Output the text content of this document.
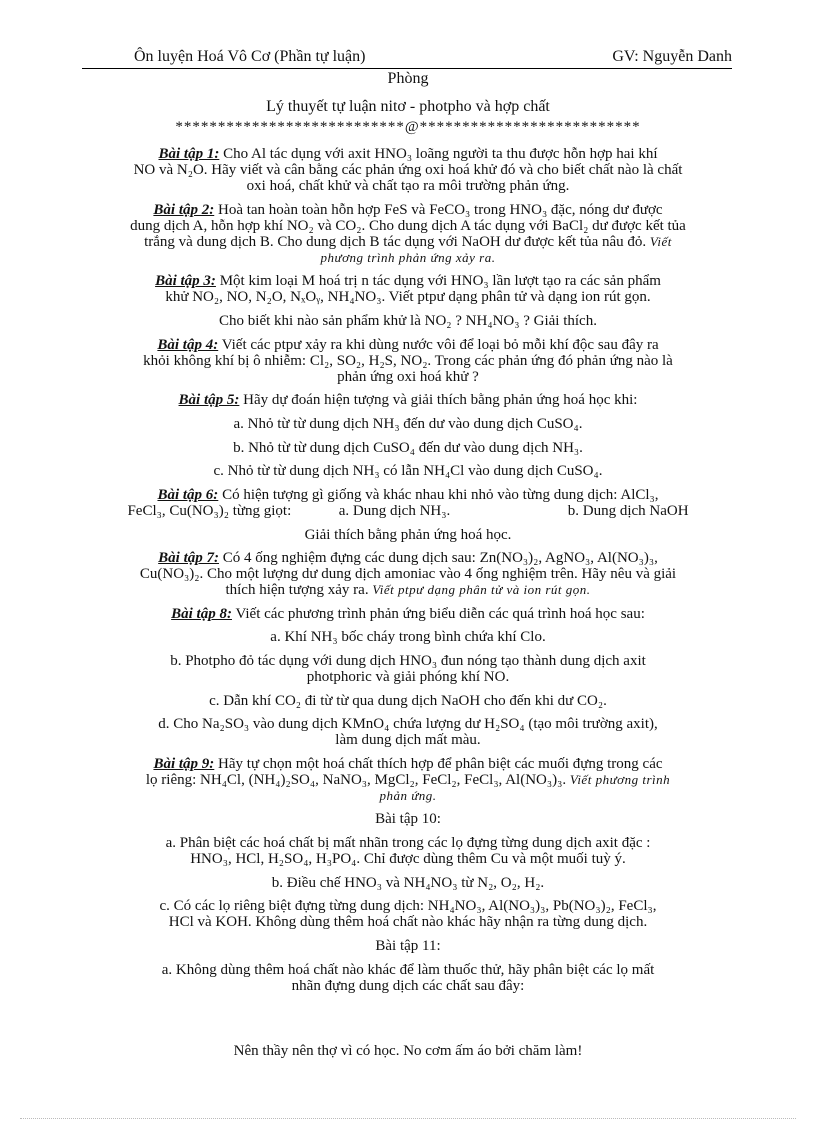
Ôn luyện Hoá Vô Cơ (Phần tự luận)	GV: Nguyễn Danh
Phòng
Lý thuyết tự luận nitơ - photpho và hợp chất
***************************@**************************
Bài tập 1: Cho Al tác dụng với axit HNO₃ loãng người ta thu được hỗn hợp hai khí
NO và N₂O. Hãy viết và cân bằng các phản ứng oxi hoá khử đó và cho biết chất nào là chất
oxi hoá, chất khử và chất tạo ra môi trường phản ứng.
Bài tập 2: Hoà tan hoàn toàn hỗn hợp FeS và FeCO₃ trong HNO₃ đặc, nóng dư được
dung dịch A, hỗn hợp khí NO₂ và CO₂. Cho dung dịch A tác dụng với BaCl₂ dư được kết tủa
trắng và dung dịch B. Cho dung dịch B tác dụng với NaOH dư được kết tủa nâu đỏ. Viết
phương trình phản ứng xảy ra.
Bài tập 3: Một kim loại M hoá trị n tác dụng với HNO₃ lần lượt tạo ra các sản phẩm
khử NO₂, NO, N₂O, NₓOᵧ, NH₄NO₃. Viết ptpư dạng phân tử và dạng ion rút gọn.
Cho biết khi nào sản phẩm khử là NO₂ ? NH₄NO₃ ? Giải thích.
Bài tập 4: Viết các ptpư xảy ra khi dùng nước vôi để loại bỏ mỗi khí độc sau đây ra
khỏi không khí bị ô nhiễm: Cl₂, SO₂, H₂S, NO₂. Trong các phản ứng đó phản ứng nào là
phản ứng oxi hoá khử ?
Bài tập 5: Hãy dự đoán hiện tượng và giải thích bằng phản ứng hoá học khi:
a. Nhỏ từ từ dung dịch NH₃ đến dư vào dung dịch CuSO₄.
b. Nhỏ từ từ dung dịch CuSO₄ đến dư vào dung dịch NH₃.
c. Nhỏ từ từ dung dịch NH₃ có lẫn NH₄Cl vào dung dịch CuSO₄.
Bài tập 6: Có hiện tượng gì giống và khác nhau khi nhỏ vào từng dung dịch: AlCl₃,
FeCl₃, Cu(NO₃)₂ từng giọt:	a. Dung dịch NH₃.	b. Dung dịch NaOH
Giải thích bằng phản ứng hoá học.
Bài tập 7: Có 4 ống nghiệm đựng các dung dịch sau: Zn(NO₃)₂, AgNO₃, Al(NO₃)₃,
Cu(NO₃)₂. Cho một lượng dư dung dịch amoniac vào 4 ống nghiệm trên. Hãy nêu và giải
thích hiện tượng xảy ra. Viết ptpư dạng phân tử và ion rút gọn.
Bài tập 8: Viết các phương trình phản ứng biểu diễn các quá trình hoá học sau:
a. Khí NH₃ bốc cháy trong bình chứa khí Clo.
b. Photpho đỏ tác dụng với dung dịch HNO₃ đun nóng tạo thành dung dịch axit
photphoric và giải phóng khí NO.
c. Dẫn khí CO₂ đi từ từ qua dung dịch NaOH cho đến khi dư CO₂.
d. Cho Na₂SO₃ vào dung dịch KMnO₄ chứa lượng dư H₂SO₄ (tạo môi trường axit),
làm dung dịch mất màu.
Bài tập 9: Hãy tự chọn một hoá chất thích hợp để phân biệt các muối đựng trong các
lọ riêng: NH₄Cl, (NH₄)₂SO₄, NaNO₃, MgCl₂, FeCl₂, FeCl₃, Al(NO₃)₃. Viết phương trình
phản ứng.
Bài tập 10:
a. Phân biệt các hoá chất bị mất nhãn trong các lọ đựng từng dung dịch axit đặc :
HNO₃, HCl, H₂SO₄, H₃PO₄. Chỉ được dùng thêm Cu và một muối tuỳ ý.
b. Điều chế HNO₃ và NH₄NO₃ từ N₂, O₂, H₂.
c. Có các lọ riêng biệt đựng từng dung dịch: NH₄NO₃, Al(NO₃)₃, Pb(NO₃)₂, FeCl₃,
HCl và KOH. Không dùng thêm hoá chất nào khác hãy nhận ra từng dung dịch.
Bài tập 11:
a. Không dùng thêm hoá chất nào khác để làm thuốc thử, hãy phân biệt các lọ mất
nhãn đựng dung dịch các chất sau đây:
Nên thầy nên thợ vì có học. No cơm ấm áo bởi chăm làm!
